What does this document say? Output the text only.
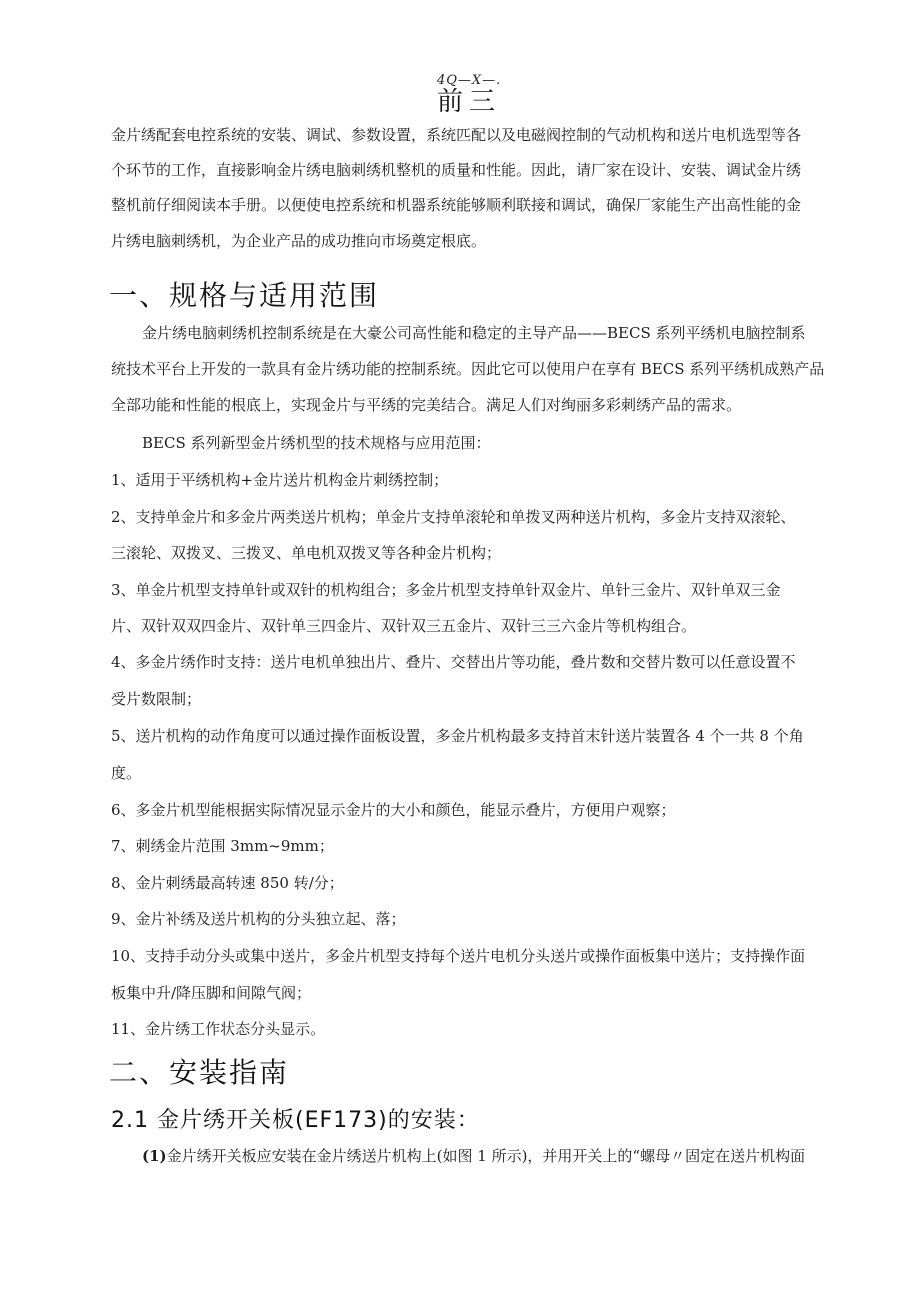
4Q—X—.
前三
金片绣配套电控系统的安装、调试、参数设置，系统匹配以及电磁阀控制的气动机构和送片电机选型等各
个环节的工作，直接影响金片绣电脑刺绣机整机的质量和性能。因此，请厂家在设计、安装、调试金片绣
整机前仔细阅读本手册。以便使电控系统和机器系统能够顺利联接和调试，确保厂家能生产出高性能的金
片绣电脑刺绣机，为企业产品的成功推向市场奠定根底。
一、规格与适用范围
金片绣电脑刺绣机控制系统是在大豪公司高性能和稳定的主导产品——BECS 系列平绣机电脑控制系
统技术平台上开发的一款具有金片绣功能的控制系统。因此它可以使用户在享有 BECS 系列平绣机成熟产品
全部功能和性能的根底上，实现金片与平绣的完美结合。满足人们对绚丽多彩刺绣产品的需求。
BECS 系列新型金片绣机型的技术规格与应用范围：
1、适用于平绣机构+金片送片机构金片刺绣控制；
2、支持单金片和多金片两类送片机构；单金片支持单滚轮和单拨叉两种送片机构，多金片支持双滚轮、
三滚轮、双拨叉、三拨叉、单电机双拨叉等各种金片机构；
3、单金片机型支持单针或双针的机构组合；多金片机型支持单针双金片、单针三金片、双针单双三金
片、双针双双四金片、双针单三四金片、双针双三五金片、双针三三六金片等机构组合。
4、多金片绣作时支持：送片电机单独出片、叠片、交替出片等功能，叠片数和交替片数可以任意设置不
受片数限制；
5、送片机构的动作角度可以通过操作面板设置，多金片机构最多支持首末针送片装置各 4 个一共 8 个角
度。
6、多金片机型能根据实际情况显示金片的大小和颜色，能显示叠片，方便用户观察；
7、刺绣金片范围 3mm~9mm；
8、金片刺绣最高转速 850 转/分；
9、金片补绣及送片机构的分头独立起、落；
10、支持手动分头或集中送片，多金片机型支持每个送片电机分头送片或操作面板集中送片；支持操作面
板集中升/降压脚和间隙气阀；
11、金片绣工作状态分头显示。
二、安装指南
2.1 金片绣开关板(EF173)的安装：
(1)金片绣开关板应安装在金片绣送片机构上(如图 1 所示)，并用开关上的“螺母〃固定在送片机构面
